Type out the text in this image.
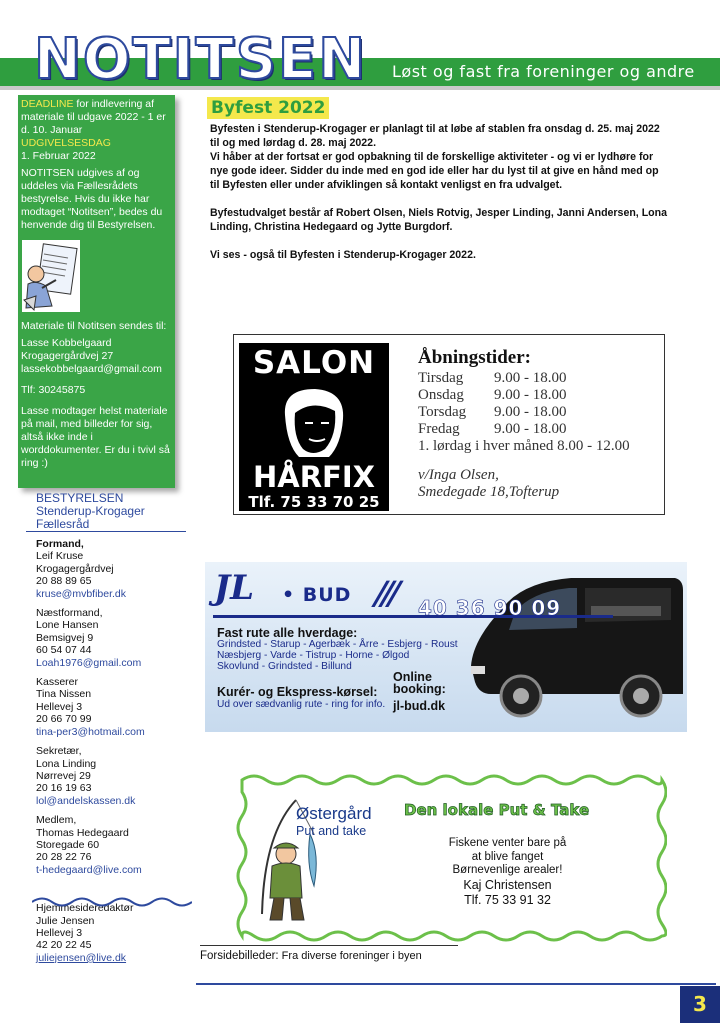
NOTITSEN Løst og fast fra foreninger og andre

DEADLINE for indlevering af materiale til udgave 2022 - 1 er d. 10. Januar

UDGIVELSESDAG

1. Februar 2022

NOTITSEN udgives af og uddeles via Fællesrådets bestyrelse. Hvis du ikke har modtaget “Notitsen”, bedes du henvende dig til Bestyrelsen.

Materiale til Notitsen sendes til:

Lasse Kobbelgaard

Krogagergårdvej 27

lassekobbelgaard@gmail.com

Tlf: 30245875

Lasse modtager helst materiale på mail, med billeder for sig, altså ikke inde i worddokumenter. Er du i tvivl så ring :)

BESTYRELSEN
Stenderup-Krogager
Fællesråd
Formand,
Leif Kruse
Krogagergårdvej
20 88 89 65
kruse@mvbfiber.dk
Næstformand,
Lone Hansen
Bemsigvej 9
60 54 07 44
Loah1976@gmail.com
Kasserer
Tina Nissen
Hellevej 3
20 66 70 99
tina-per3@hotmail.com
Sekretær,
Lona Linding
Nørrevej 29
20 16 19 63
lol@andelskassen.dk
Medlem,
Thomas Hedegaard
Storegade 60
20 28 22 76
t-hedegaard@live.com
Hjemmesideredaktør
Julie Jensen
Hellevej 3
42 20 22 45
juliejensen@live.dk
Byfest 2022

Byfesten i Stenderup-Krogager er planlagt til at løbe af stablen fra onsdag d. 25. maj 2022 til og med lørdag d. 28. maj 2022.

Vi håber at der fortsat er god opbakning til de forskellige aktiviteter - og vi er lydhøre for nye gode ideer. Sidder du inde med en god ide eller har du lyst til at give en hånd med op til Byfesten eller under afviklingen så kontakt venligst en fra udvalget.

Byfestudvalget består af Robert Olsen, Niels Rotvig, Jesper Linding, Janni Andersen, Lona Linding, Christina Hedegaard og Jytte Burgdorf.

Vi ses - også til Byfesten i Stenderup-Krogager 2022.

SALON
HÅRFIX
Tlf. 75 33 70 25
Åbningstider:
Tirsdag 9.00 - 18.00
Onsdag 9.00 - 18.00
Torsdag 9.00 - 18.00
Fredag 9.00 - 18.00
1. lørdag i hver måned 8.00 - 12.00
v/Inga Olsen,
Smedegade 18,Tofterup
JL • BUD / / / 40 36 90 09
Fast rute alle hverdage:
Grindsted - Starup - Agerbæk - Årre - Esbjerg - Roust
Næsbjerg - Varde - Tistrup - Horne - Ølgod
Skovlund - Grindsted - Billund
Kurér- og Ekspress-kørsel:
Ud over sædvanlig rute - ring for info.
Online
booking:
jl-bud.dk
Østergård
Put and take
Den lokale Put & Take
Fiskene venter bare på
at blive fanget
Børnevenlige arealer!
Kaj Christensen
Tlf. 75 33 91 32
Forsidebilleder: Fra diverse foreninger i byen
3
